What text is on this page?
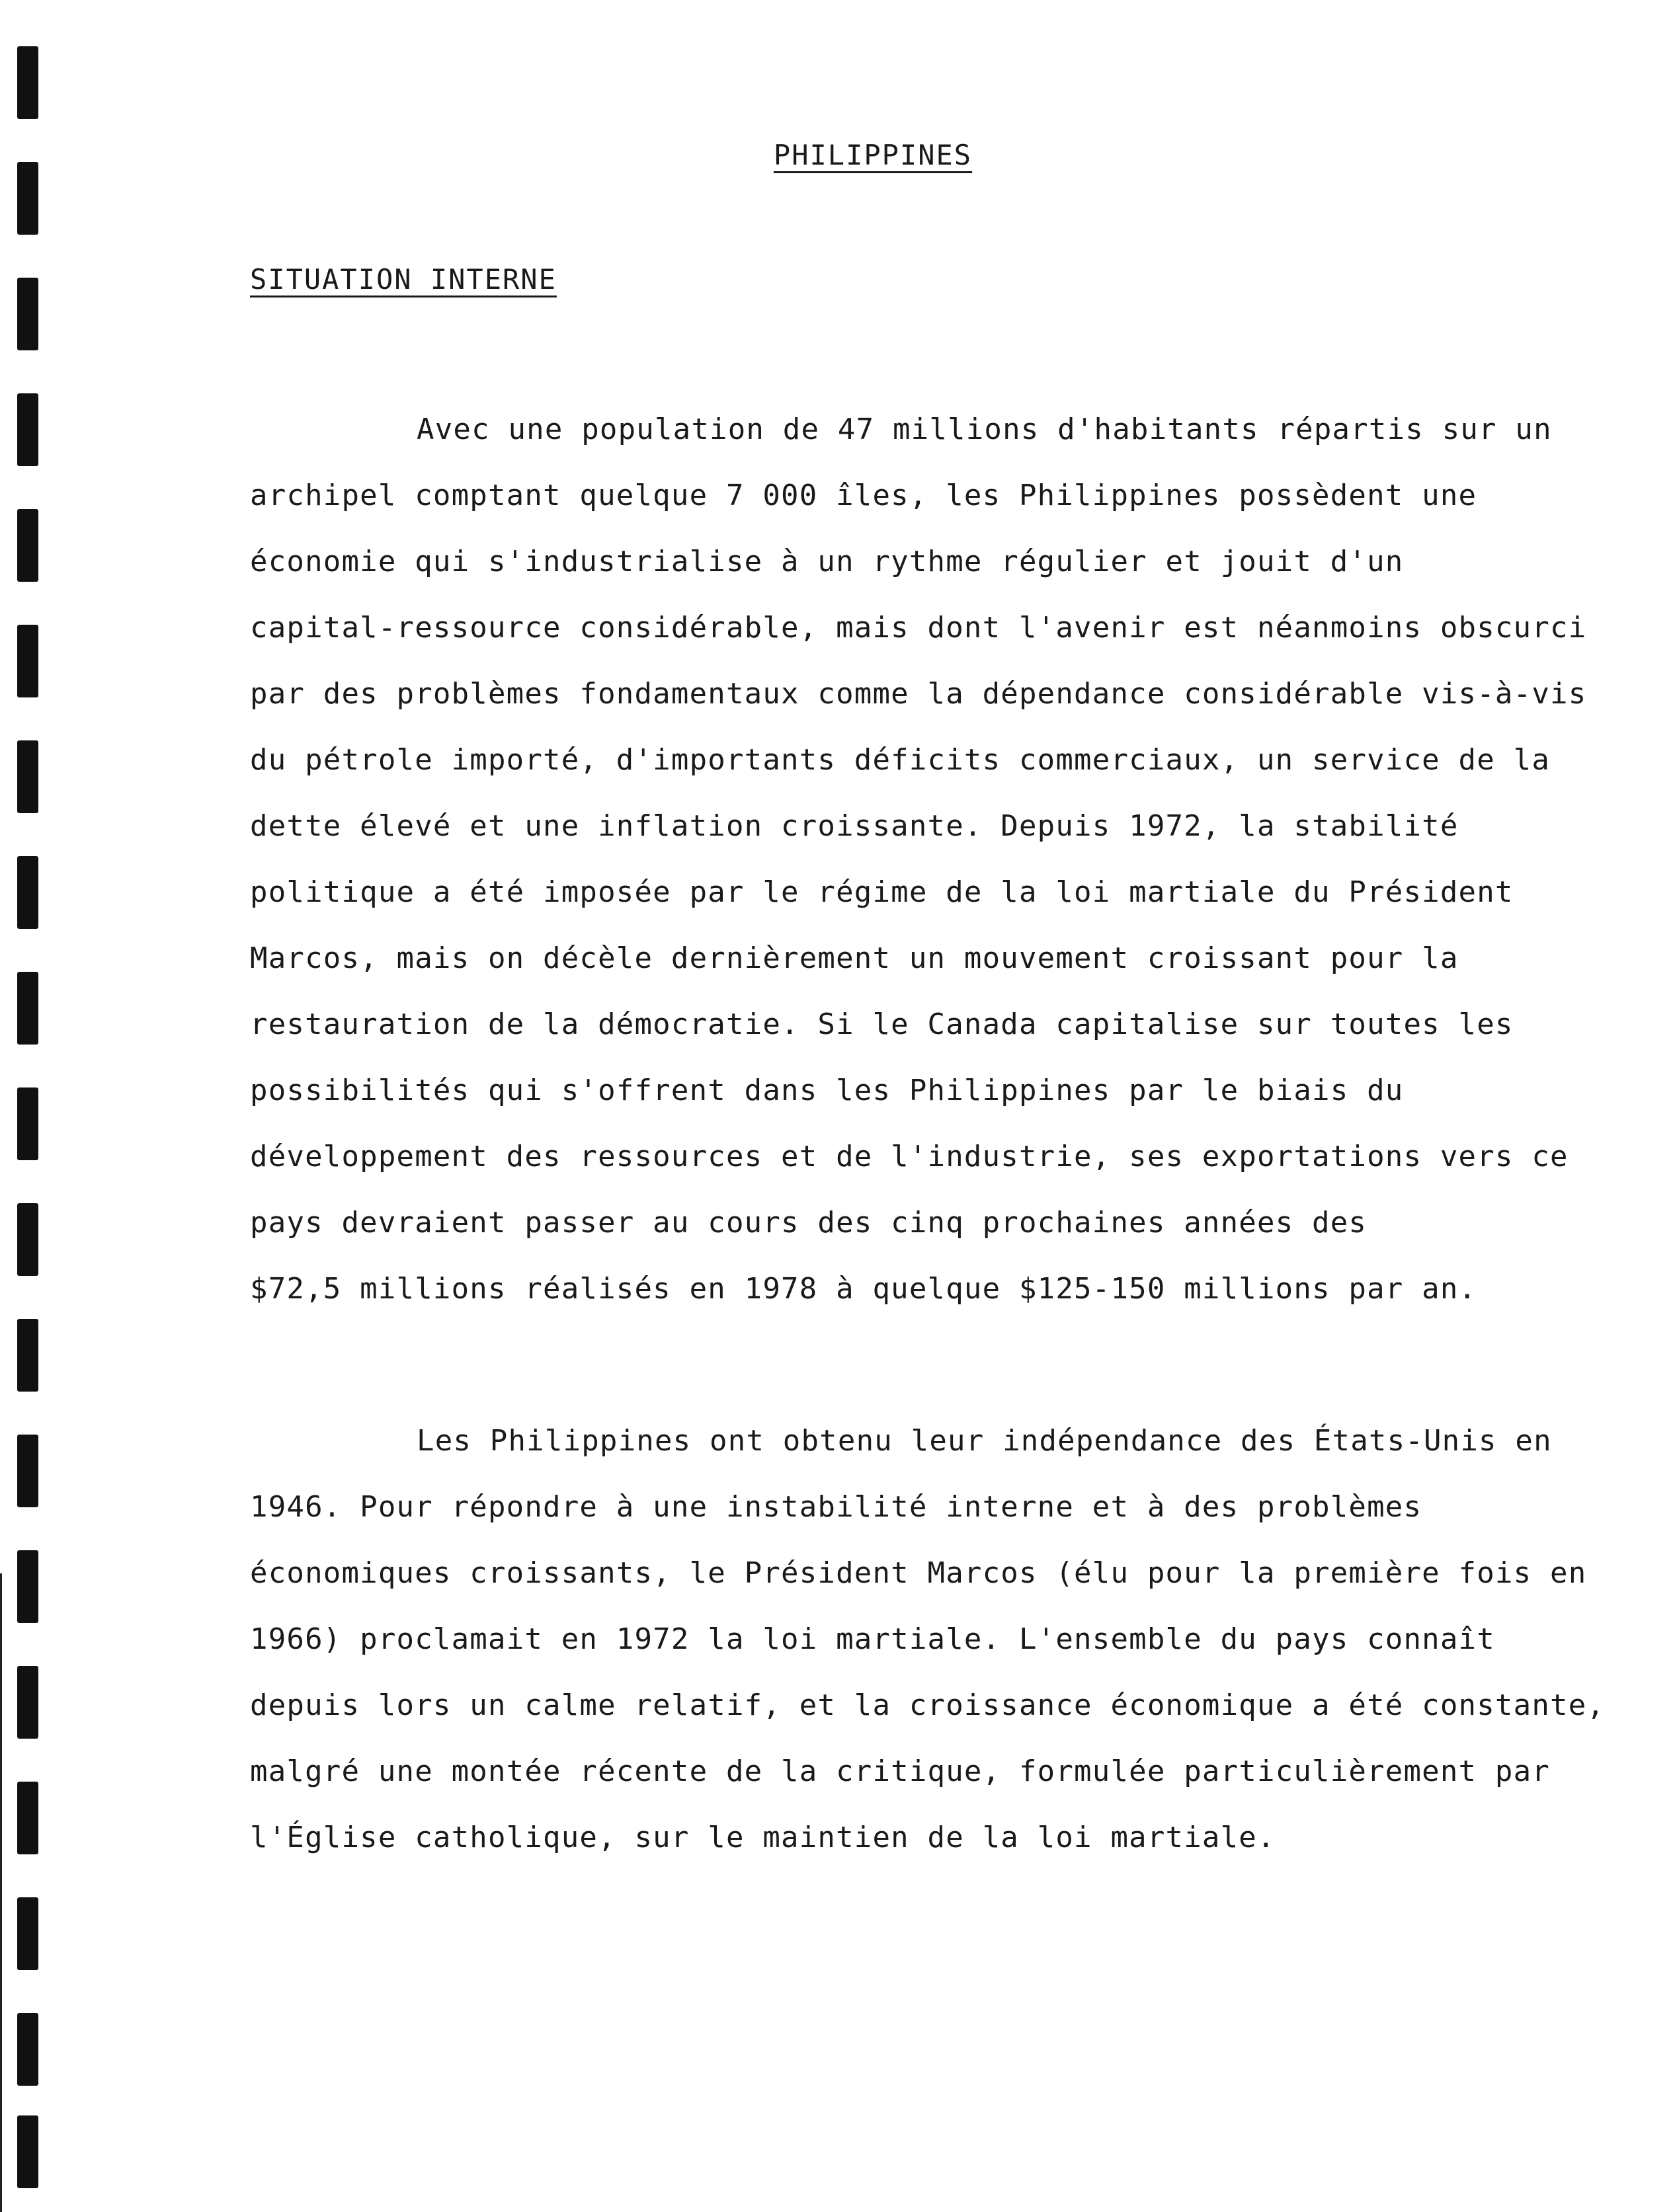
PHILIPPINES
SITUATION INTERNE
Avec une population de 47 millions d'habitants répartis sur un
archipel comptant quelque 7 000 îles, les Philippines possèdent une
économie qui s'industrialise à un rythme régulier et jouit d'un
capital-ressource considérable, mais dont l'avenir est néanmoins obscurci
par des problèmes fondamentaux comme la dépendance considérable vis-à-vis
du pétrole importé, d'importants déficits commerciaux, un service de la
dette élevé et une inflation croissante. Depuis 1972, la stabilité
politique a été imposée par le régime de la loi martiale du Président
Marcos, mais on décèle dernièrement un mouvement croissant pour la
restauration de la démocratie. Si le Canada capitalise sur toutes les
possibilités qui s'offrent dans les Philippines par le biais du
développement des ressources et de l'industrie, ses exportations vers ce
pays devraient passer au cours des cinq prochaines années des
$72,5 millions réalisés en 1978 à quelque $125-150 millions par an.
Les Philippines ont obtenu leur indépendance des États-Unis en
1946. Pour répondre à une instabilité interne et à des problèmes
économiques croissants, le Président Marcos (élu pour la première fois en
1966) proclamait en 1972 la loi martiale. L'ensemble du pays connaît
depuis lors un calme relatif, et la croissance économique a été constante,
malgré une montée récente de la critique, formulée particulièrement par
l'Église catholique, sur le maintien de la loi martiale.
